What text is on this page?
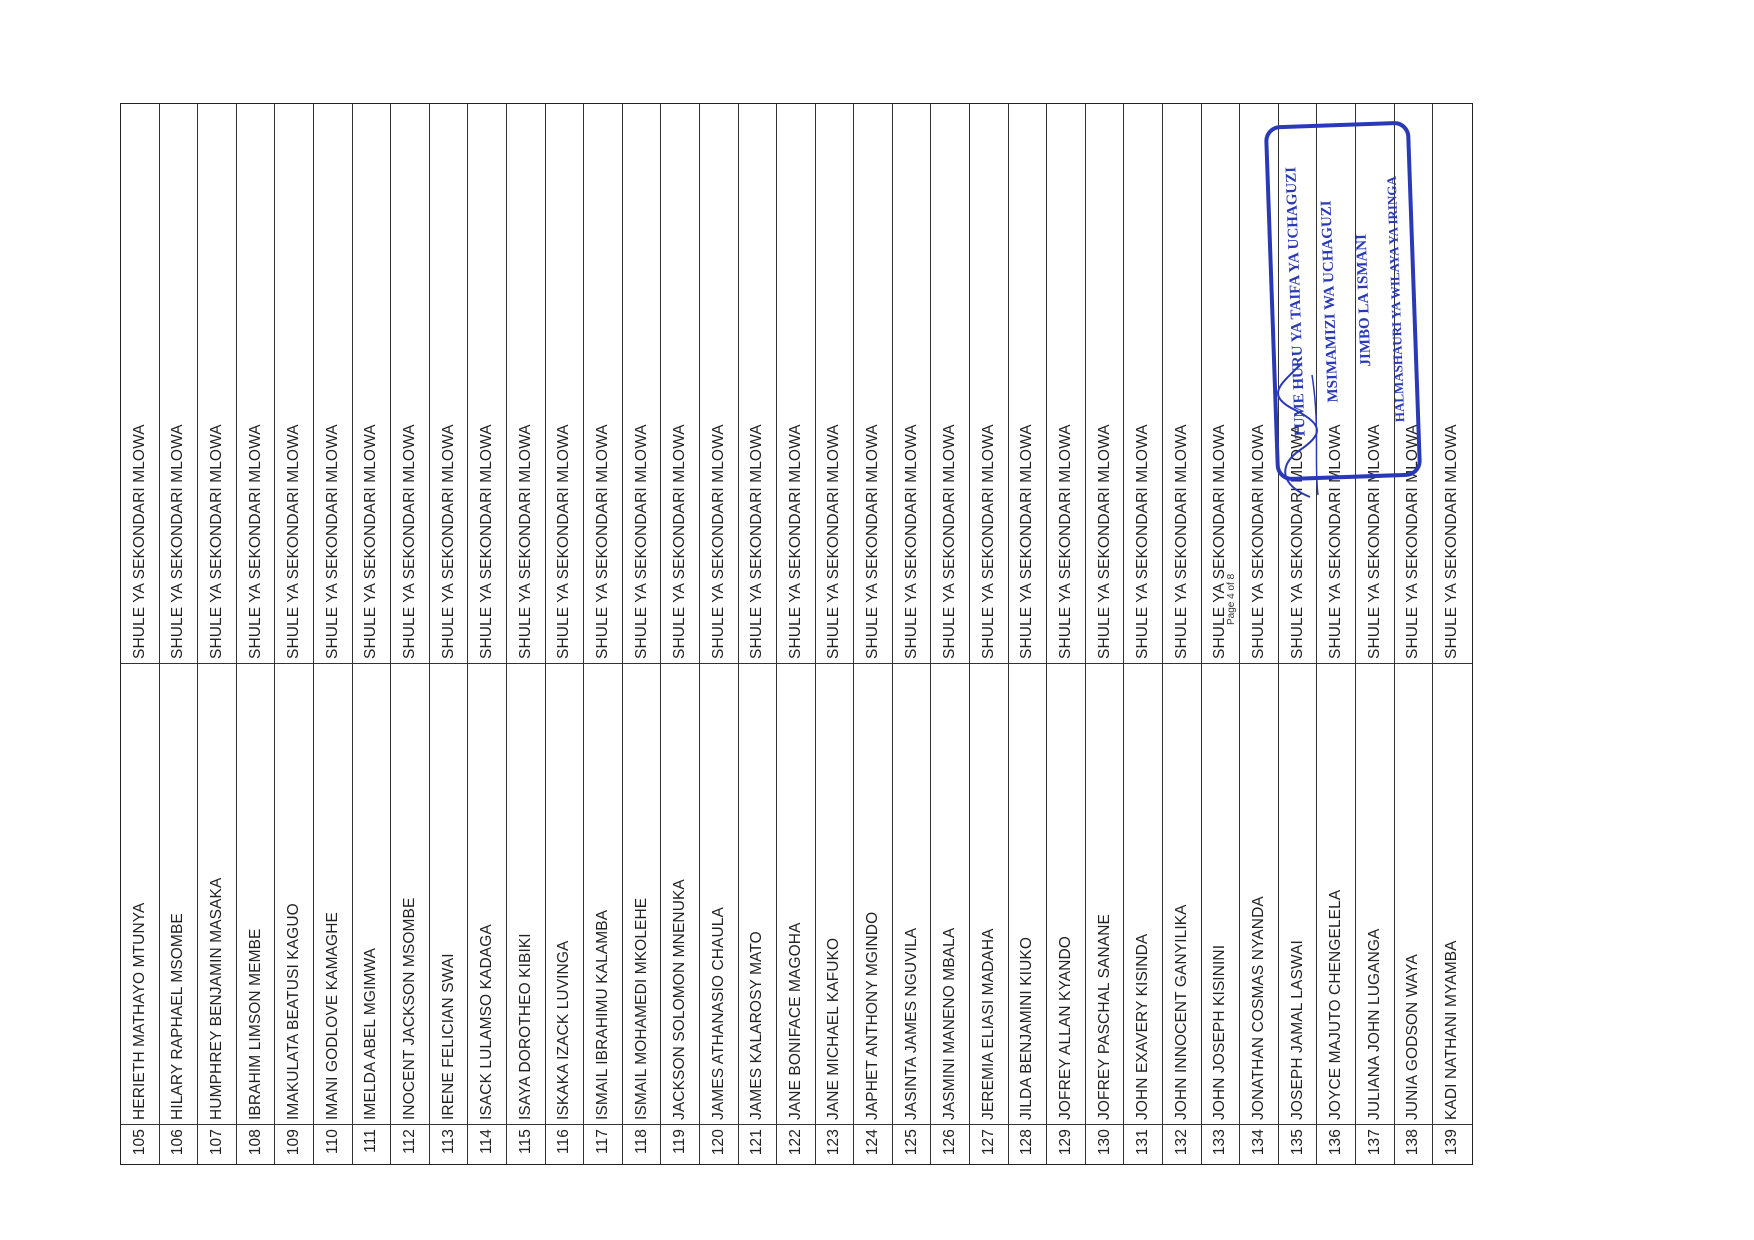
105
HERIETH MATHAYO MTUNYA
SHULE YA SEKONDARI MLOWA
106
HILARY RAPHAEL MSOMBE
SHULE YA SEKONDARI MLOWA
107
HUMPHREY BENJAMIN MASAKA
SHULE YA SEKONDARI MLOWA
108
IBRAHIM LIMSON MEMBE
SHULE YA SEKONDARI MLOWA
109
IMAKULATA BEATUSI KAGUO
SHULE YA SEKONDARI MLOWA
110
IMANI GODLOVE KAMAGHE
SHULE YA SEKONDARI MLOWA
111
IMELDA ABEL MGIMWA
SHULE YA SEKONDARI MLOWA
112
INOCENT JACKSON MSOMBE
SHULE YA SEKONDARI MLOWA
113
IRENE FELICIAN SWAI
SHULE YA SEKONDARI MLOWA
114
ISACK LULAMSO KADAGA
SHULE YA SEKONDARI MLOWA
115
ISAYA DOROTHEO KIBIKI
SHULE YA SEKONDARI MLOWA
116
ISKAKA IZACK LUVINGA
SHULE YA SEKONDARI MLOWA
117
ISMAIL IBRAHIMU KALAMBA
SHULE YA SEKONDARI MLOWA
118
ISMAIL MOHAMEDI MKOLEHE
SHULE YA SEKONDARI MLOWA
119
JACKSON SOLOMON MNENUKA
SHULE YA SEKONDARI MLOWA
120
JAMES ATHANASIO CHAULA
SHULE YA SEKONDARI MLOWA
121
JAMES KALAROSY MATO
SHULE YA SEKONDARI MLOWA
122
JANE BONIFACE MAGOHA
SHULE YA SEKONDARI MLOWA
123
JANE MICHAEL KAFUKO
SHULE YA SEKONDARI MLOWA
124
JAPHET ANTHONY MGINDO
SHULE YA SEKONDARI MLOWA
125
JASINTA JAMES NGUVILA
SHULE YA SEKONDARI MLOWA
126
JASMINI MANENO MBALA
SHULE YA SEKONDARI MLOWA
127
JEREMIA ELIASI MADAHA
SHULE YA SEKONDARI MLOWA
128
JILDA BENJAMINI KIUKO
SHULE YA SEKONDARI MLOWA
129
JOFREY ALLAN KYANDO
SHULE YA SEKONDARI MLOWA
130
JOFREY PASCHAL SANANE
SHULE YA SEKONDARI MLOWA
131
JOHN EXAVERY KISINDA
SHULE YA SEKONDARI MLOWA
132
JOHN INNOCENT GANYILIKA
SHULE YA SEKONDARI MLOWA
133
JOHN JOSEPH KISININI
SHULE YA SEKONDARI MLOWA
134
JONATHAN COSMAS NYANDA
SHULE YA SEKONDARI MLOWA
135
JOSEPH JAMAL LASWAI
SHULE YA SEKONDARI MLOWA
136
JOYCE MAJUTO CHENGELELA
SHULE YA SEKONDARI MLOWA
137
JULIANA JOHN LUGANGA
SHULE YA SEKONDARI MLOWA
138
JUNIA GODSON WAYA
SHULE YA SEKONDARI MLOWA
139
KADI NATHANI MYAMBA
SHULE YA SEKONDARI MLOWA
Page 4 of 8
TUME HURU YA TAIFA YA UCHAGUZI MSIMAMIZI WA UCHAGUZI JIMBO LA ISMANI HALMASHAURI YA WILAYA YA IRINGA
